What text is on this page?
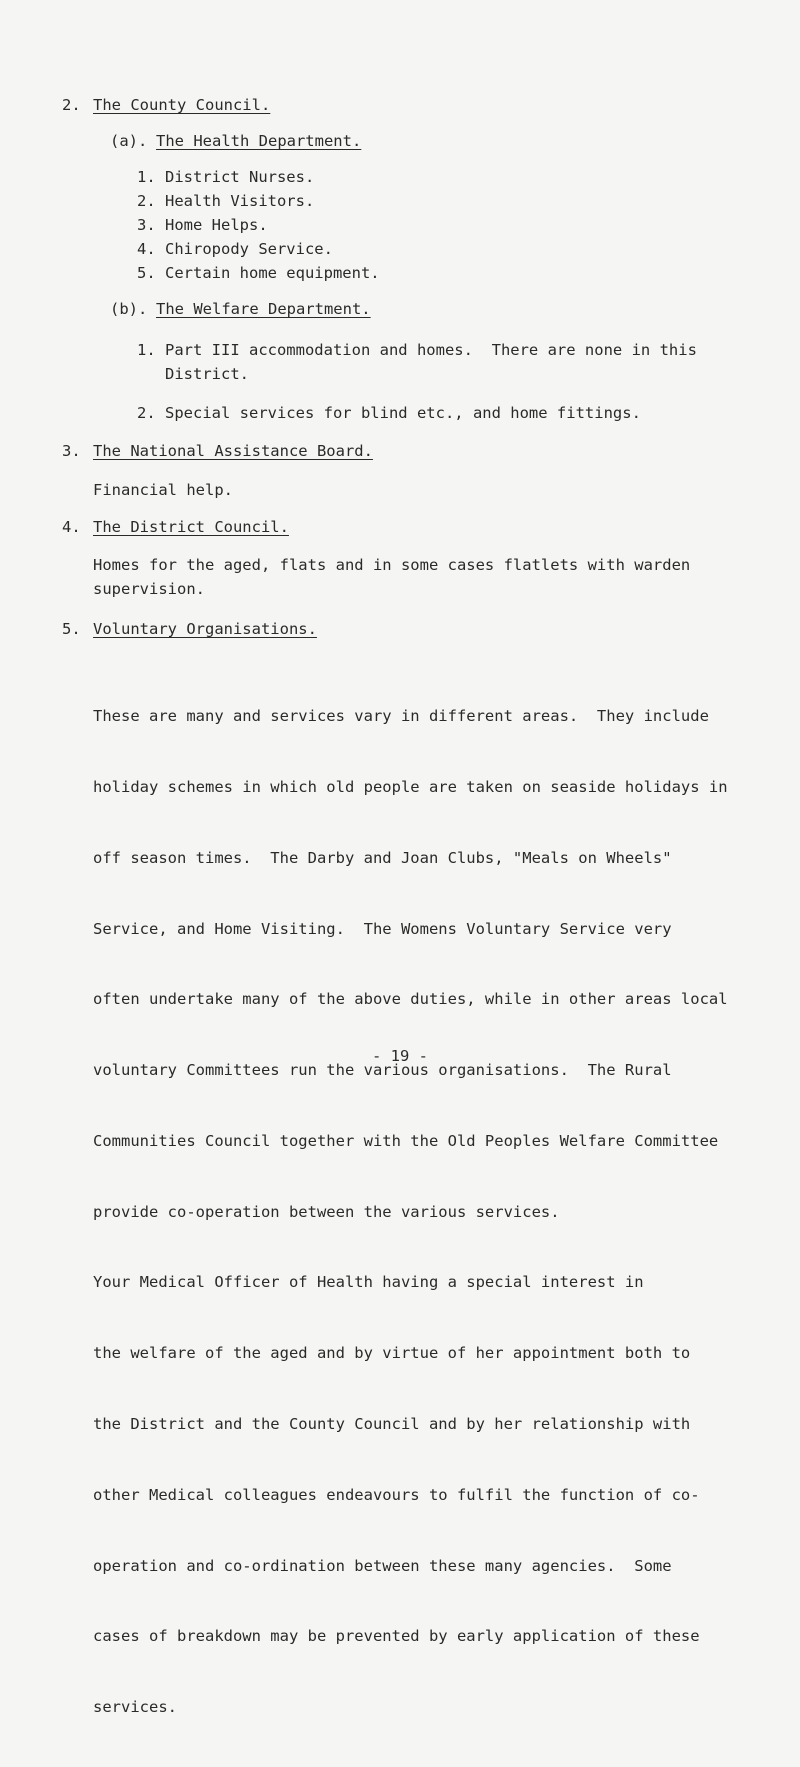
2. The County Council.
(a). The Health Department.
1. District Nurses.
2. Health Visitors.
3. Home Helps.
4. Chiropody Service.
5. Certain home equipment.
(b). The Welfare Department.
1. Part III accommodation and homes.  There are none in this
District.
2. Special services for blind etc., and home fittings.
3. The National Assistance Board.
Financial help.
4. The District Council.
Homes for the aged, flats and in some cases flatlets with warden
supervision.
5. Voluntary Organisations.

These are many and services vary in different areas.  They include

holiday schemes in which old people are taken on seaside holidays in

off season times.  The Darby and Joan Clubs, "Meals on Wheels"

Service, and Home Visiting.  The Womens Voluntary Service very

often undertake many of the above duties, while in other areas local

voluntary Committees run the various organisations.  The Rural

Communities Council together with the Old Peoples Welfare Committee

provide co-operation between the various services.

Your Medical Officer of Health having a special interest in

the welfare of the aged and by virtue of her appointment both to

the District and the County Council and by her relationship with

other Medical colleagues endeavours to fulfil the function of co-

operation and co-ordination between these many agencies.  Some

cases of breakdown may be prevented by early application of these

services.

- 19 -
